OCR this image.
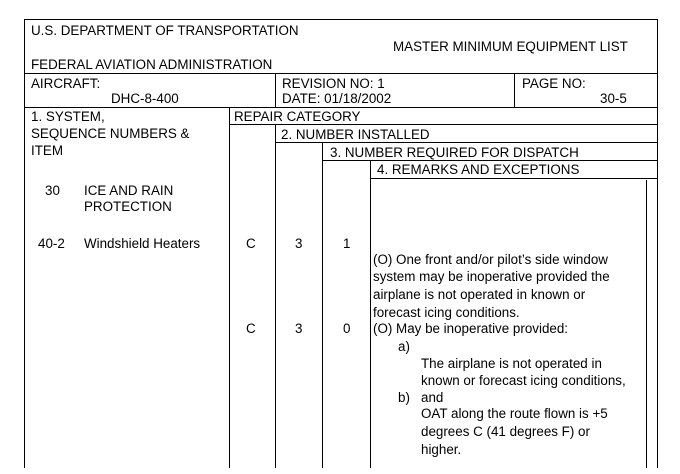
U.S. DEPARTMENT OF TRANSPORTATION
MASTER MINIMUM EQUIPMENT LIST
FEDERAL AVIATION ADMINISTRATION
AIRCRAFT:
DHC-8-400
REVISION NO: 1
DATE: 01/18/2002
PAGE NO:
30-5
1. SYSTEM,
SEQUENCE NUMBERS &
ITEM
REPAIR CATEGORY
2. NUMBER INSTALLED
3. NUMBER REQUIRED FOR DISPATCH
4. REMARKS AND EXCEPTIONS
30 ICE AND RAIN
PROTECTION
40-2 Windshield Heaters	C	3	1
(O) One front and/or pilot’s side window
system may be inoperative provided the
airplane is not operated in known or
forecast icing conditions.
C	3	0 (O) May be inoperative provided:
a)
The airplane is not operated in
known or forecast icing conditions,
and
b)
OAT along the route flown is +5
degrees C (41 degrees F) or
higher.
